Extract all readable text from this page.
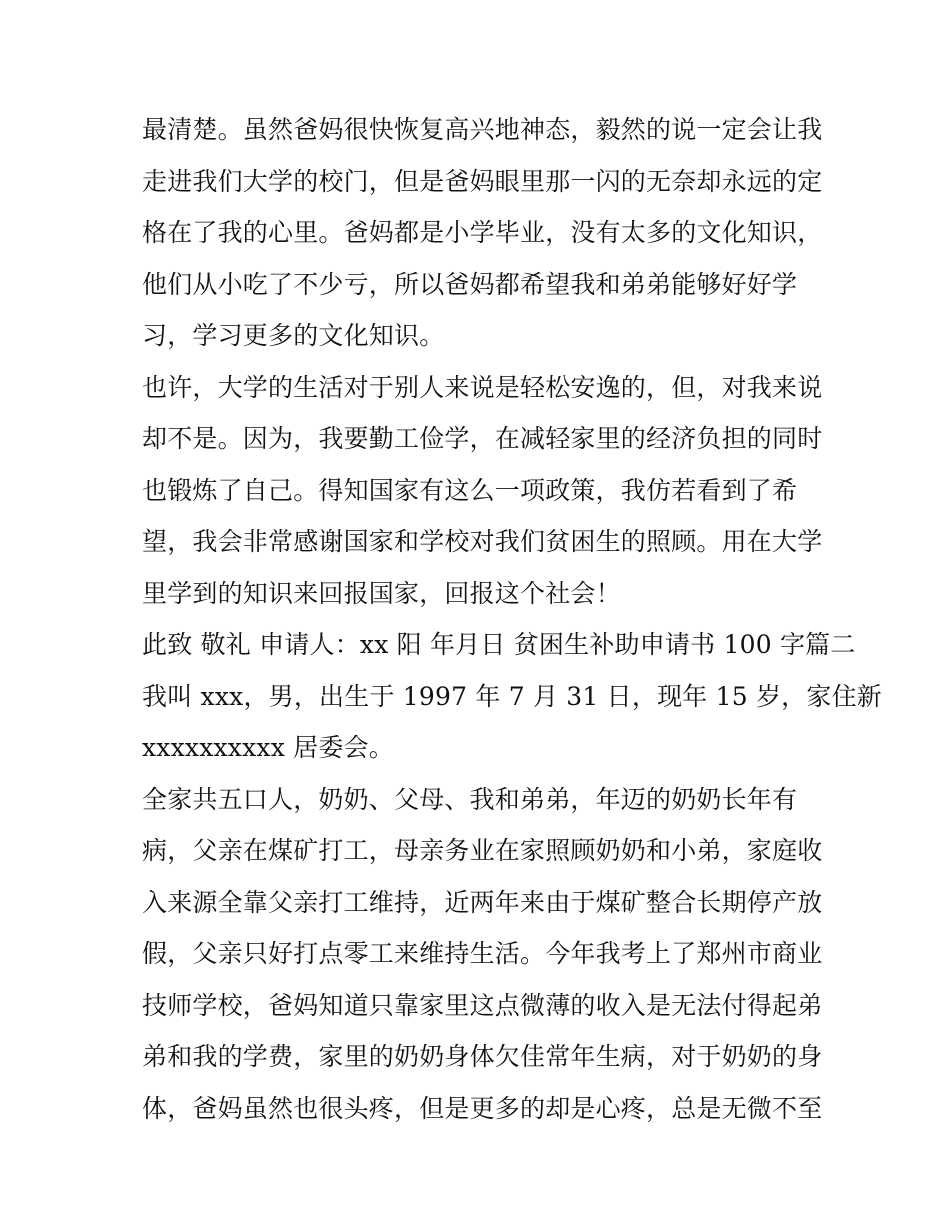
最清楚。虽然爸妈很快恢复高兴地神态，毅然的说一定会让我
走进我们大学的校门，但是爸妈眼里那一闪的无奈却永远的定
格在了我的心里。爸妈都是小学毕业，没有太多的文化知识，
他们从小吃了不少亏，所以爸妈都希望我和弟弟能够好好学
习，学习更多的文化知识。
也许，大学的生活对于别人来说是轻松安逸的，但，对我来说
却不是。因为，我要勤工俭学，在减轻家里的经济负担的同时
也锻炼了自己。得知国家有这么一项政策，我仿若看到了希
望，我会非常感谢国家和学校对我们贫困生的照顾。用在大学
里学到的知识来回报国家，回报这个社会！
此致 敬礼 申请人：xx 阳 年月日 贫困生补助申请书 100 字篇二
我叫 xxx，男，出生于 1997 年 7 月 31 日，现年 15 岁，家住新
xxxxxxxxxx 居委会。
全家共五口人，奶奶、父母、我和弟弟，年迈的奶奶长年有
病，父亲在煤矿打工，母亲务业在家照顾奶奶和小弟，家庭收
入来源全靠父亲打工维持，近两年来由于煤矿整合长期停产放
假，父亲只好打点零工来维持生活。今年我考上了郑州市商业
技师学校，爸妈知道只靠家里这点微薄的收入是无法付得起弟
弟和我的学费，家里的奶奶身体欠佳常年生病，对于奶奶的身
体，爸妈虽然也很头疼，但是更多的却是心疼，总是无微不至
